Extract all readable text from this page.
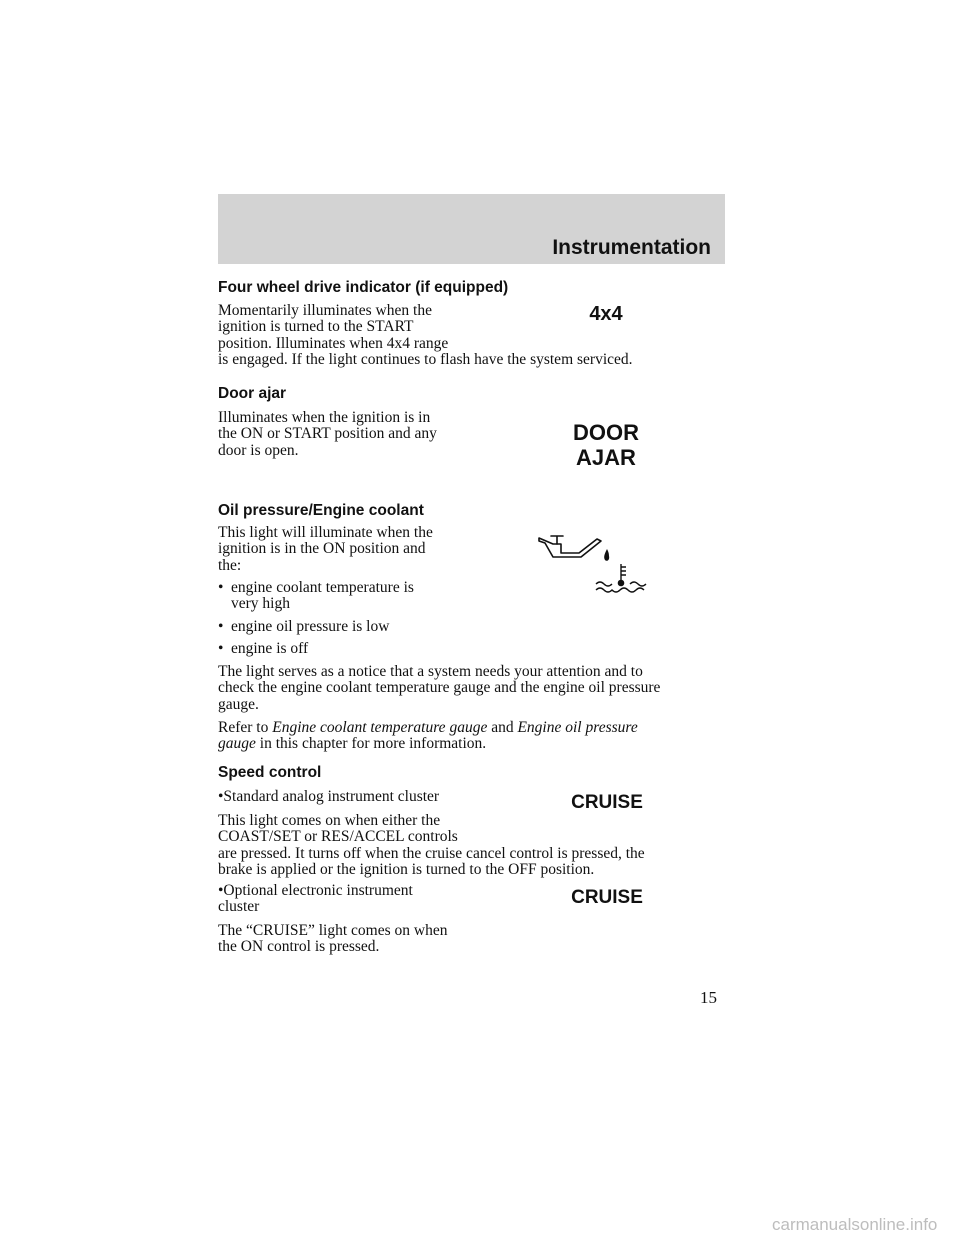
Instrumentation
Four wheel drive indicator (if equipped)
Momentarily illuminates when the
ignition is turned to the START
position. Illuminates when 4x4 range
is engaged. If the light continues to flash have the system serviced.
4x4
Door ajar
Illuminates when the ignition is in
the ON or START position and any
door is open.
DOOR
AJAR
Oil pressure/Engine coolant
This light will illuminate when the
ignition is in the ON position and
the:
• engine coolant temperature is
very high
• engine oil pressure is low
• engine is off
The light serves as a notice that a system needs your attention and to
check the engine coolant temperature gauge and the engine oil pressure
gauge.
Refer to Engine coolant temperature gauge and Engine oil pressure
gauge in this chapter for more information.
Speed control
•Standard analog instrument cluster
This light comes on when either the
COAST/SET or RES/ACCEL controls
are pressed. It turns off when the cruise cancel control is pressed, the
brake is applied or the ignition is turned to the OFF position.
CRUISE
•Optional electronic instrument
cluster	CRUISE
The “CRUISE” light comes on when
the ON control is pressed.
15
carmanualsonline.info
